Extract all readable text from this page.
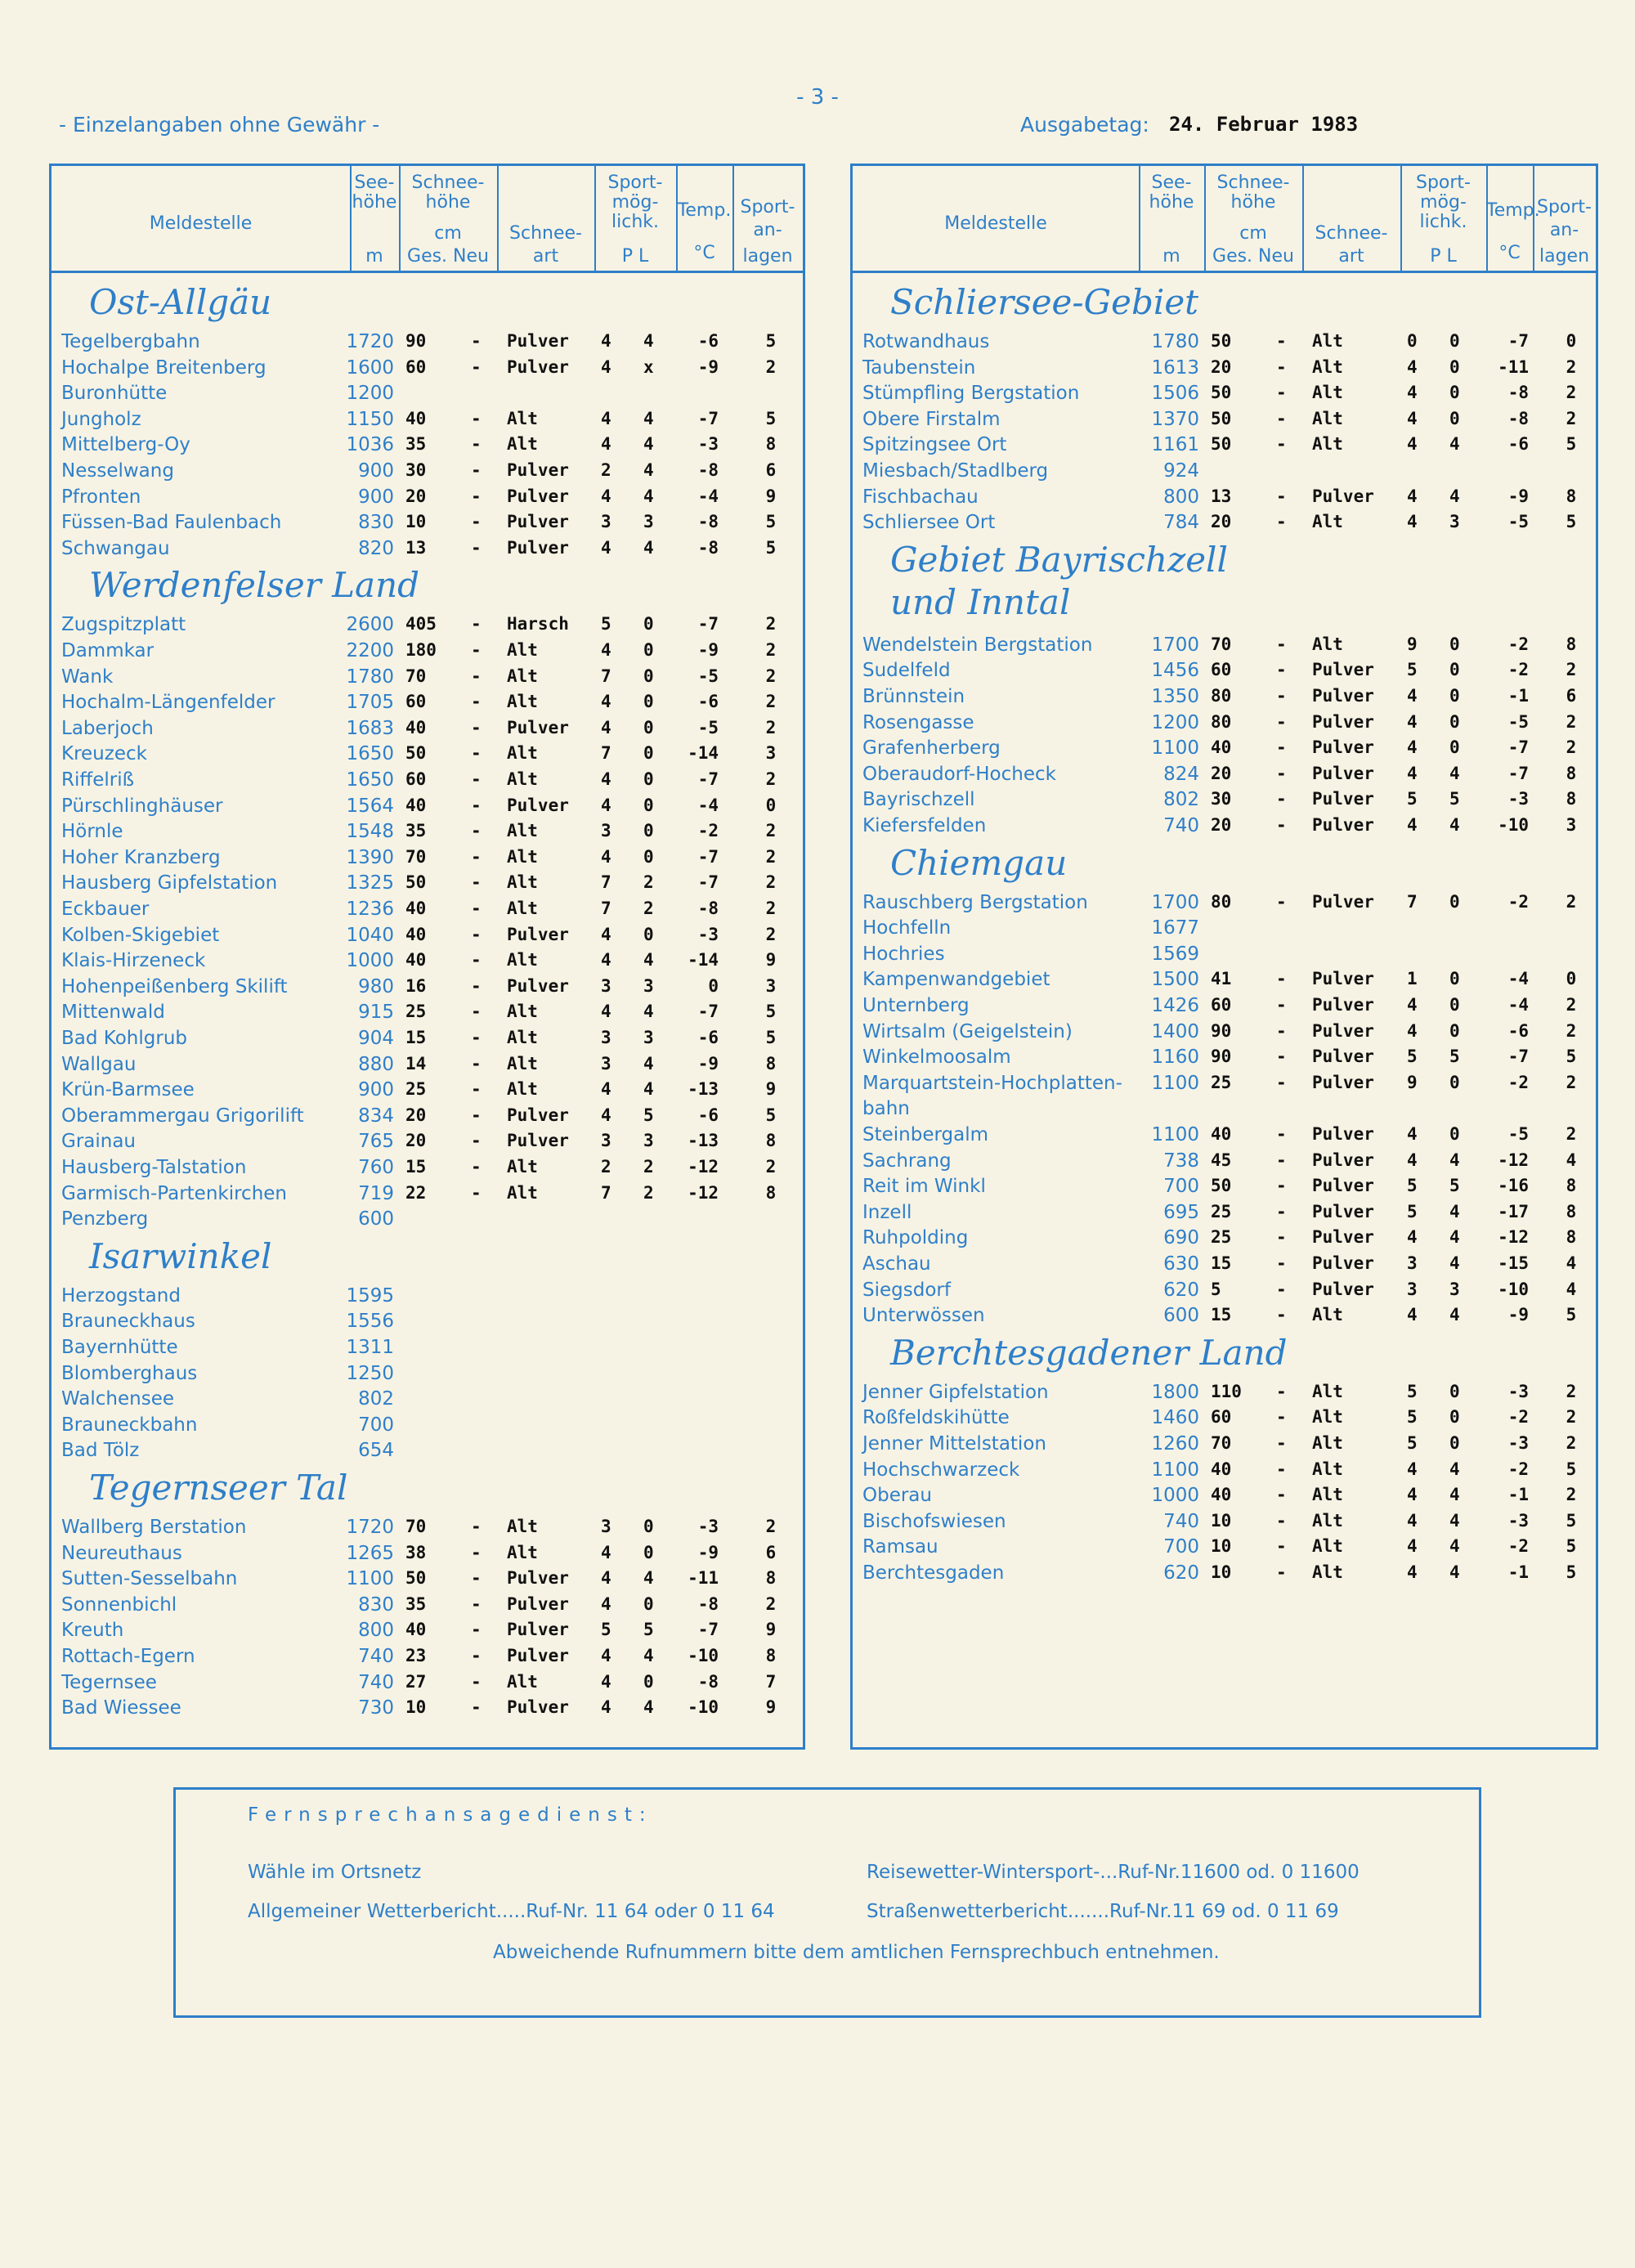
- 3 -
- Einzelangaben ohne Gewähr -	Ausgabetag: 24. Februar 1983
Meldestelle
See-
höhe
m
Schnee-
höhe
cm
Ges. Neu
Schnee-
art
Sport-
mög-
lichk.
P L
Temp.
°C
Sport-
an-
lagen
Ost-Allgäu
Tegelbergbahn	1720 90	- Pulver 4 4	-6	5
Hochalpe Breitenberg	1600 60	- Pulver 4 x	-9	2
Buronhütte	1200
Jungholz	1150 40	- Alt	4 4	-7	5
Mittelberg-Oy	1036 35	- Alt	4 4	-3	8
Nesselwang	900 30	- Pulver 2 4	-8	6
Pfronten	900 20	- Pulver 4 4	-4	9
Füssen-Bad Faulenbach	830 10	- Pulver 3 3	-8	5
Schwangau	820 13	- Pulver 4 4	-8	5
Werdenfelser Land
Zugspitzplatt	2600 405 - Harsch 5 0	-7	2
Dammkar	2200 180 - Alt	4 0	-9	2
Wank	1780 70	- Alt	7 0	-5	2
Hochalm-Längenfelder	1705 60	- Alt	4 0	-6	2
Laberjoch	1683 40	- Pulver 4 0	-5	2
Kreuzeck	1650 50	- Alt	7 0	-14	3
Riffelriß	1650 60	- Alt	4 0	-7	2
Pürschlinghäuser	1564 40	- Pulver 4 0	-4	0
Hörnle	1548 35	- Alt	3 0	-2	2
Hoher Kranzberg	1390 70	- Alt	4 0	-7	2
Hausberg Gipfelstation	1325 50	- Alt	7 2	-7	2
Eckbauer	1236 40	- Alt	7 2	-8	2
Kolben-Skigebiet	1040 40	- Pulver 4 0	-3	2
Klais-Hirzeneck	1000 40	- Alt	4 4	-14	9
Hohenpeißenberg Skilift	980 16	- Pulver 3 3	0	3
Mittenwald	915 25	- Alt	4 4	-7	5
Bad Kohlgrub	904 15	- Alt	3 3	-6	5
Wallgau	880 14	- Alt	3 4	-9	8
Krün-Barmsee	900 25	- Alt	4 4	-13	9
Oberammergau Grigorilift	834 20	- Pulver 4 5	-6	5
Grainau	765 20	- Pulver 3 3	-13	8
Hausberg-Talstation	760 15	- Alt	2 2	-12	2
Garmisch-Partenkirchen	719 22	- Alt	7 2	-12	8
Penzberg	600
Isarwinkel
Herzogstand	1595
Brauneckhaus	1556
Bayernhütte	1311
Blomberghaus	1250
Walchensee	802
Brauneckbahn	700
Bad Tölz	654
Tegernseer Tal
Wallberg Berstation	1720 70	- Alt	3 0	-3	2
Neureuthaus	1265 38	- Alt	4 0	-9	6
Sutten-Sesselbahn	1100 50	- Pulver 4 4	-11	8
Sonnenbichl	830 35	- Pulver 4 0	-8	2
Kreuth	800 40	- Pulver 5 5	-7	9
Rottach-Egern	740 23	- Pulver 4 4	-10	8
Tegernsee	740 27	- Alt	4 0	-8	7
Bad Wiessee	730 10	- Pulver 4 4	-10	9
Meldestelle
See-
höhe
m
Schnee-
höhe
cm
Ges. Neu
Schnee-
art
Sport-
mög-
lichk.
P L
Temp.
°C
Sport-
an-
lagen
Schliersee-Gebiet
Rotwandhaus	1780 50	- Alt	0 0	-7	0
Taubenstein	1613 20	- Alt	4 0	-11	2
Stümpfling Bergstation	1506 50	- Alt	4 0	-8	2
Obere Firstalm	1370 50	- Alt	4 0	-8	2
Spitzingsee Ort	1161 50	- Alt	4 4	-6	5
Miesbach/Stadlberg	924
Fischbachau	800 13	- Pulver 4 4	-9	8
Schliersee Ort	784 20	- Alt	4 3	-5	5
Gebiet Bayrischzell
und Inntal
Wendelstein Bergstation	1700 70	- Alt	9 0	-2	8
Sudelfeld	1456 60	- Pulver 5 0	-2	2
Brünnstein	1350 80	- Pulver 4 0	-1	6
Rosengasse	1200 80	- Pulver 4 0	-5	2
Grafenherberg	1100 40	- Pulver 4 0	-7	2
Oberaudorf-Hocheck	824 20	- Pulver 4 4	-7	8
Bayrischzell	802 30	- Pulver 5 5	-3	8
Kiefersfelden	740 20	- Pulver 4 4	-10	3
Chiemgau
Rauschberg Bergstation	1700 80	- Pulver 7 0	-2	2
Hochfelln	1677
Hochries	1569
Kampenwandgebiet	1500 41	- Pulver 1 0	-4	0
Unternberg	1426 60	- Pulver 4 0	-4	2
Wirtsalm (Geigelstein)	1400 90	- Pulver 4 0	-6	2
Winkelmoosalm	1160 90	- Pulver 5 5	-7	5
Marquartstein-Hochplatten-	1100 25	- Pulver 9 0	-2	2
bahn
Steinbergalm	1100 40	- Pulver 4 0	-5	2
Sachrang	738 45	- Pulver 4 4	-12	4
Reit im Winkl	700 50	- Pulver 5 5	-16	8
Inzell	695 25	- Pulver 5 4	-17	8
Ruhpolding	690 25	- Pulver 4 4	-12	8
Aschau	630 15	- Pulver 3 4	-15	4
Siegsdorf	620 5	- Pulver 3 3	-10	4
Unterwössen	600 15	- Alt	4 4	-9	5
Berchtesgadener Land
Jenner Gipfelstation	1800 110 - Alt	5 0	-3	2
Roßfeldskihütte	1460 60	- Alt	5 0	-2	2
Jenner Mittelstation	1260 70	- Alt	5 0	-3	2
Hochschwarzeck	1100 40	- Alt	4 4	-2	5
Oberau	1000 40	- Alt	4 4	-1	2
Bischofswiesen	740 10	- Alt	4 4	-3	5
Ramsau	700 10	- Alt	4 4	-2	5
Berchtesgaden	620 10	- Alt	4 4	-1	5
Fernsprechansagedienst:
Wähle im Ortsnetz	Reisewetter-Wintersport-...Ruf-Nr.11600 od. 0 11600
Allgemeiner Wetterbericht.....Ruf-Nr. 11 64 oder 0 11 64	Straßenwetterbericht.......Ruf-Nr.11 69 od. 0 11 69
Abweichende Rufnummern bitte dem amtlichen Fernsprechbuch entnehmen.
